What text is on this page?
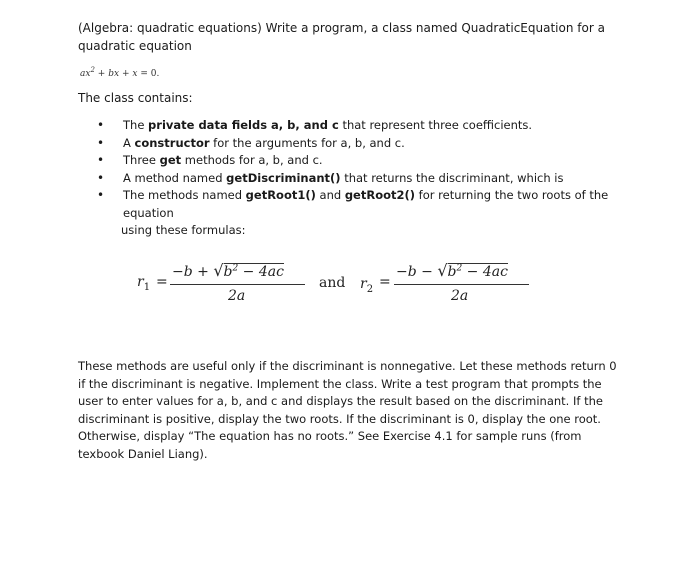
(Algebra: quadratic equations) Write a program, a class named QuadraticEquation for a quadratic equation
$ax^2$ + bx + x = 0.
The class contains:
• The private data fields a, b, and c that represent three coefficients.
• A constructor for the arguments for a, b, and c.
• Three get methods for a, b, and c.
• A method named getDiscriminant() that returns the discriminant, which is
• The methods named getRoot1() and getRoot2() for returning the two roots of the equation
using these formulas:
$r_1$ =
$-b + √b^2 - 4ac$
2a
and $r_2$ =
$-b - √b^2 - 4ac$
2a
These methods are useful only if the discriminant is nonnegative. Let these methods return 0 if the discriminant is negative. Implement the class. Write a test program that prompts the user to enter values for a, b, and c and displays the result based on the discriminant. If the discriminant is positive, display the two roots. If the discriminant is 0, display the one root. Otherwise, display “The equation has no roots.” See Exercise 4.1 for sample runs (from texbook Daniel Liang).
